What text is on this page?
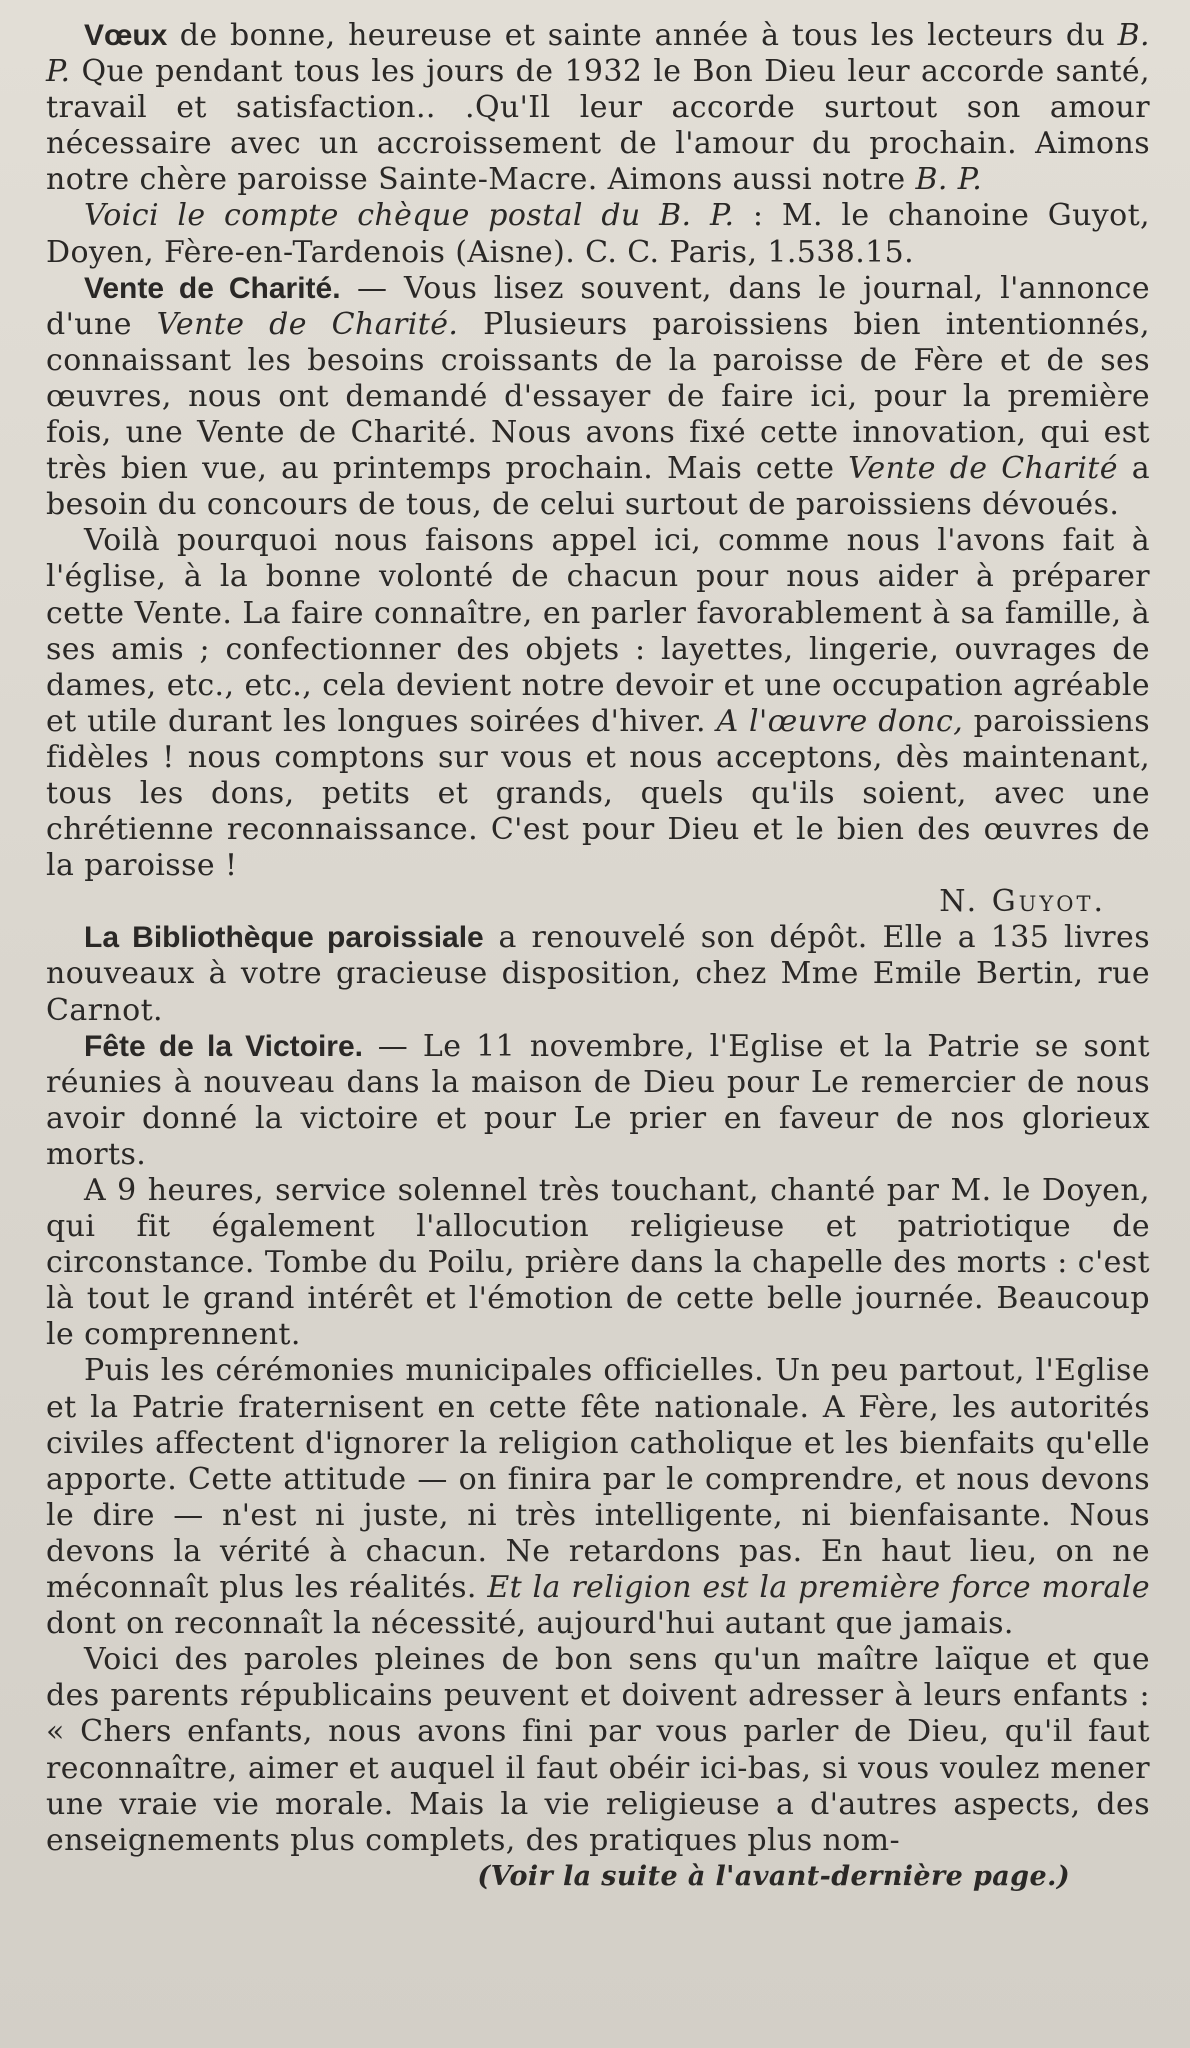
Vœux de bonne, heureuse et sainte année à tous les lecteurs du B. P. Que pendant tous les jours de 1932 le Bon Dieu leur accorde santé, travail et satisfaction.. .Qu'Il leur accorde surtout son amour nécessaire avec un accroissement de l'amour du prochain. Aimons notre chère paroisse Sainte-Macre. Aimons aussi notre B. P.

Voici le compte chèque postal du B. P. : M. le chanoine Guyot, Doyen, Fère-en-Tardenois (Aisne). C. C. Paris, 1.538.15.

Vente de Charité. — Vous lisez souvent, dans le journal, l'annonce d'une Vente de Charité. Plusieurs paroissiens bien intentionnés, connaissant les besoins croissants de la paroisse de Fère et de ses œuvres, nous ont demandé d'essayer de faire ici, pour la première fois, une Vente de Charité. Nous avons fixé cette innovation, qui est très bien vue, au printemps prochain. Mais cette Vente de Charité a besoin du concours de tous, de celui surtout de paroissiens dévoués.

Voilà pourquoi nous faisons appel ici, comme nous l'avons fait à l'église, à la bonne volonté de chacun pour nous aider à préparer cette Vente. La faire connaître, en parler favorablement à sa famille, à ses amis ; confectionner des objets : layettes, lingerie, ouvrages de dames, etc., etc., cela devient notre devoir et une occupation agréable et utile durant les longues soirées d'hiver. A l'œuvre donc, paroissiens fidèles ! nous comptons sur vous et nous acceptons, dès maintenant, tous les dons, petits et grands, quels qu'ils soient, avec une chrétienne reconnaissance. C'est pour Dieu et le bien des œuvres de la paroisse !

N. Guyot.

La Bibliothèque paroissiale a renouvelé son dépôt. Elle a 135 livres nouveaux à votre gracieuse disposition, chez Mme Emile Bertin, rue Carnot.

Fête de la Victoire. — Le 11 novembre, l'Eglise et la Patrie se sont réunies à nouveau dans la maison de Dieu pour Le remercier de nous avoir donné la victoire et pour Le prier en faveur de nos glorieux morts.

A 9 heures, service solennel très touchant, chanté par M. le Doyen, qui fit également l'allocution religieuse et patriotique de circonstance. Tombe du Poilu, prière dans la chapelle des morts : c'est là tout le grand intérêt et l'émotion de cette belle journée. Beaucoup le comprennent.

Puis les cérémonies municipales officielles. Un peu partout, l'Eglise et la Patrie fraternisent en cette fête nationale. A Fère, les autorités civiles affectent d'ignorer la religion catholique et les bienfaits qu'elle apporte. Cette attitude — on finira par le comprendre, et nous devons le dire — n'est ni juste, ni très intelligente, ni bienfaisante. Nous devons la vérité à chacun. Ne retardons pas. En haut lieu, on ne méconnaît plus les réalités. Et la religion est la première force morale dont on reconnaît la nécessité, aujourd'hui autant que jamais.

Voici des paroles pleines de bon sens qu'un maître laïque et que des parents républicains peuvent et doivent adresser à leurs enfants : « Chers enfants, nous avons fini par vous parler de Dieu, qu'il faut reconnaître, aimer et auquel il faut obéir ici-bas, si vous voulez mener une vraie vie morale. Mais la vie religieuse a d'autres aspects, des enseignements plus complets, des pratiques plus nom-

(Voir la suite à l'avant-dernière page.)
